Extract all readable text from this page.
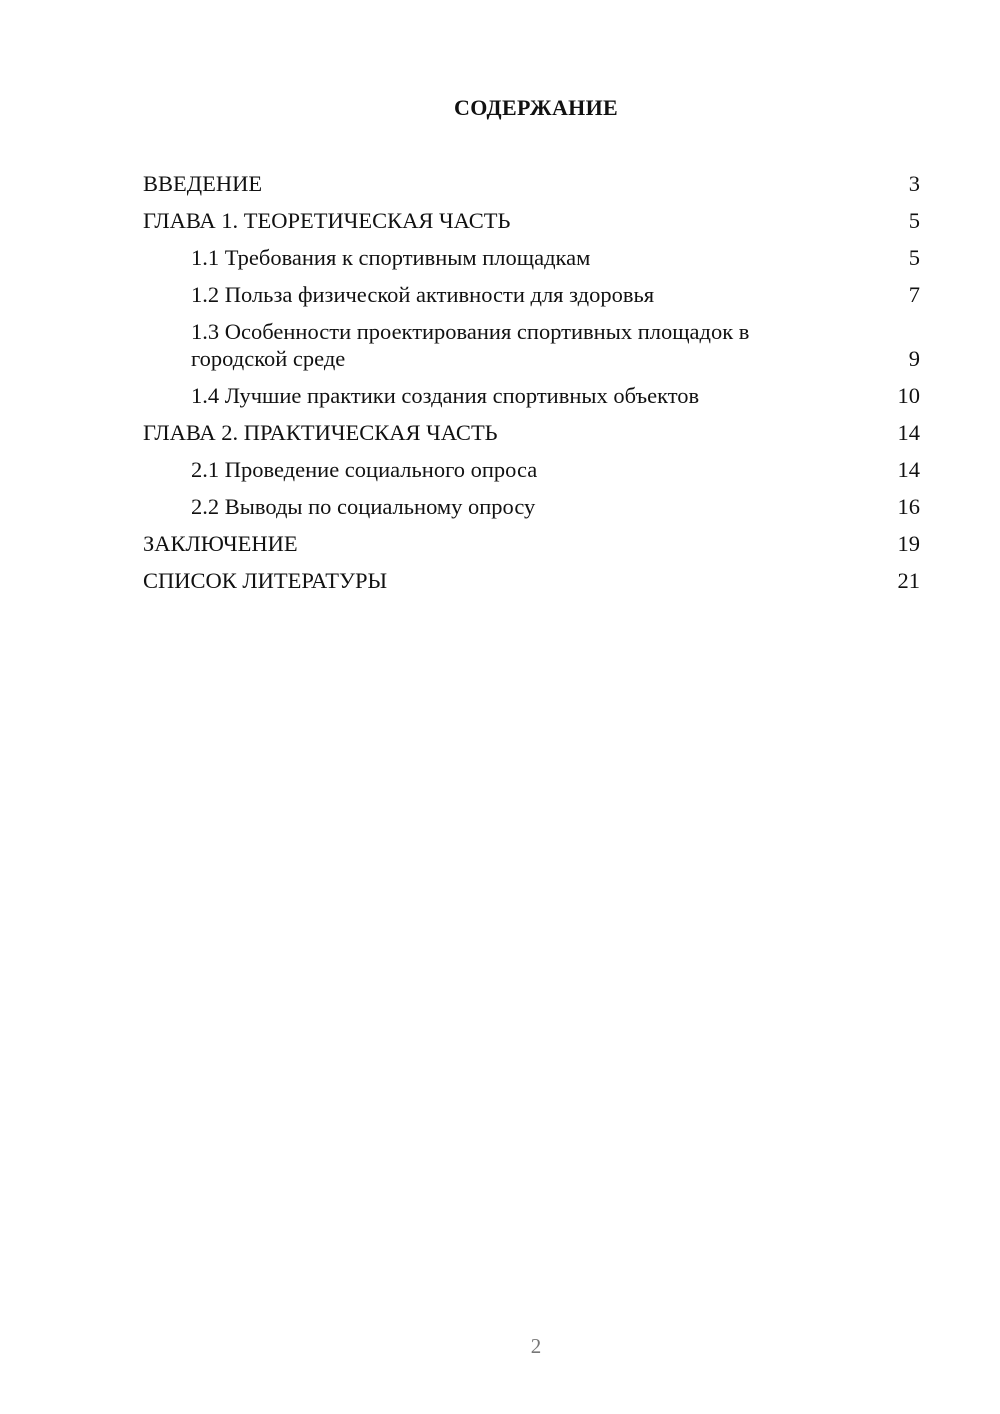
СОДЕРЖАНИЕ
ВВЕДЕНИЕ	3
ГЛАВА 1. ТЕОРЕТИЧЕСКАЯ ЧАСТЬ	5
1.1 Требования к спортивным площадкам	5
1.2 Польза физической активности для здоровья	7
1.3 Особенности проектирования спортивных площадок в городской среде	9
1.4 Лучшие практики создания спортивных объектов	10
ГЛАВА 2. ПРАКТИЧЕСКАЯ ЧАСТЬ	14
2.1 Проведение социального опроса	14
2.2 Выводы по социальному опросу	16
ЗАКЛЮЧЕНИЕ	19
СПИСОК ЛИТЕРАТУРЫ	21
2
